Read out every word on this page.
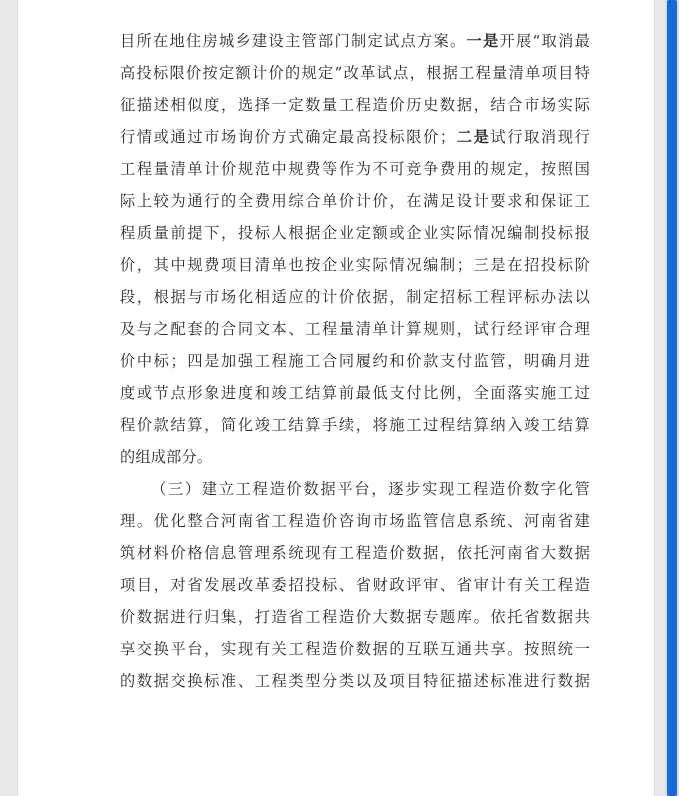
目所在地住房城乡建设主管部门制定试点方案。一是开展“取消最
高投标限价按定额计价的规定”改革试点，根据工程量清单项目特
征描述相似度，选择一定数量工程造价历史数据，结合市场实际
行情或通过市场询价方式确定最高投标限价；二是试行取消现行
工程量清单计价规范中规费等作为不可竞争费用的规定，按照国
际上较为通行的全费用综合单价计价，在满足设计要求和保证工
程质量前提下，投标人根据企业定额或企业实际情况编制投标报
价，其中规费项目清单也按企业实际情况编制；三是在招投标阶
段，根据与市场化相适应的计价依据，制定招标工程评标办法以
及与之配套的合同文本、工程量清单计算规则，试行经评审合理
价中标；四是加强工程施工合同履约和价款支付监管，明确月进
度或节点形象进度和竣工结算前最低支付比例，全面落实施工过
程价款结算，简化竣工结算手续，将施工过程结算纳入竣工结算
的组成部分。
（三）建立工程造价数据平台，逐步实现工程造价数字化管
理。优化整合河南省工程造价咨询市场监管信息系统、河南省建
筑材料价格信息管理系统现有工程造价数据，依托河南省大数据
项目，对省发展改革委招投标、省财政评审、省审计有关工程造
价数据进行归集，打造省工程造价大数据专题库。依托省数据共
享交换平台，实现有关工程造价数据的互联互通共享。按照统一
的数据交换标准、工程类型分类以及项目特征描述标准进行数据
